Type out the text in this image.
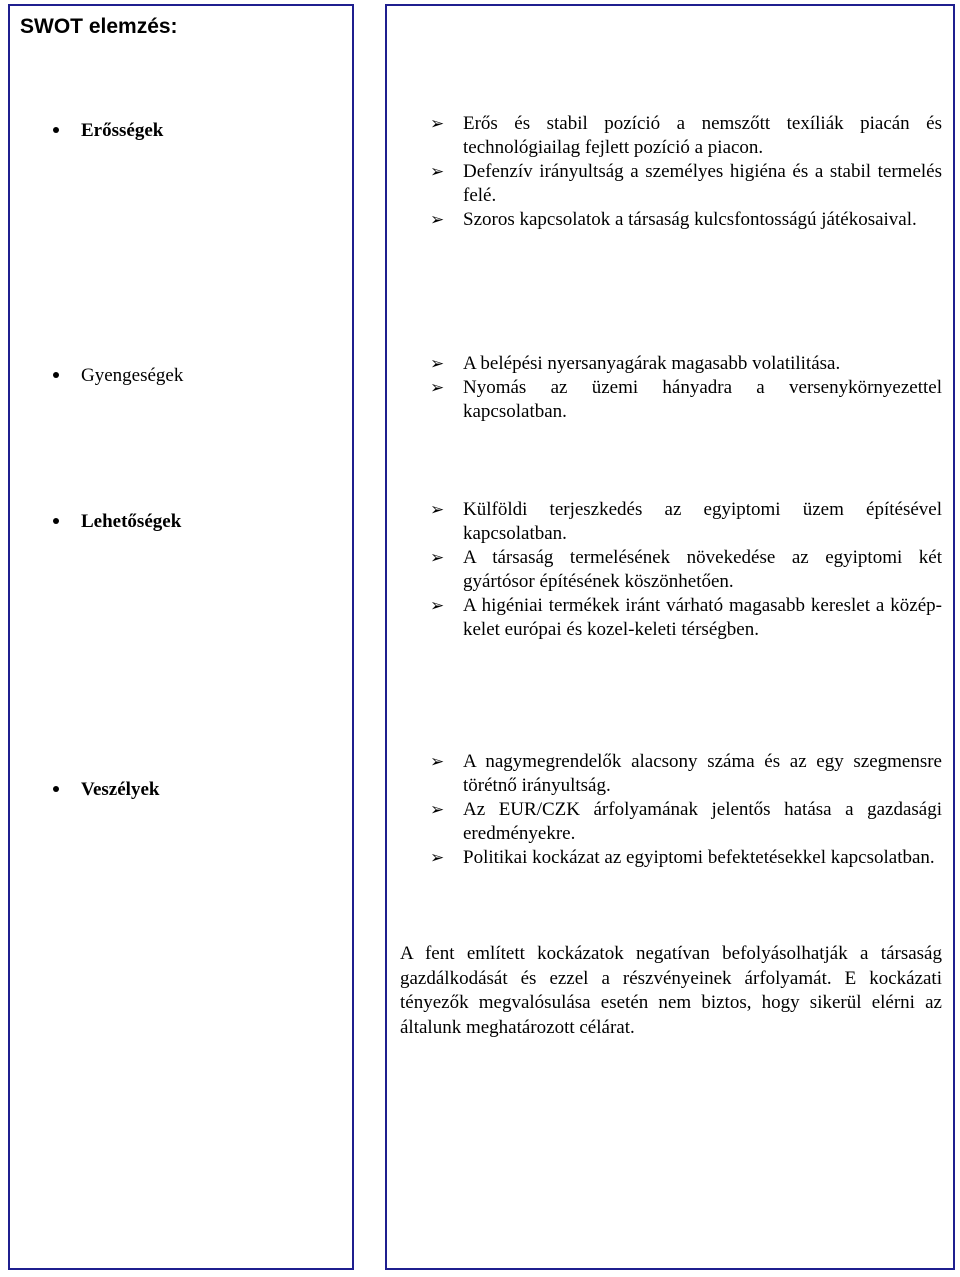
SWOT elemzés:
Erősségek	➢ Erős és stabil pozíció a nemszőtt texíliák piacán és technológiailag fejlett pozíció a piacon.
➢ Defenzív irányultság a személyes higiéna és a stabil termelés felé.
➢ Szoros kapcsolatok a társaság kulcsfontosságú játékosaival.
Gyengeségek
➢ A belépési nyersanyagárak magasabb volatilitása.
➢ Nyomás az üzemi hányadra a versenykörnyezettel kapcsolatban.
Lehetőségek
➢ Külföldi terjeszkedés az egyiptomi üzem építésével kapcsolatban.
➢ A társaság termelésének növekedése az egyiptomi két gyártósor építésének köszönhetően.
➢ A higéniai termékek iránt várható magasabb kereslet a közép-kelet európai és kozel-keleti térségben.
Veszélyek
➢ A nagymegrendelők alacsony száma és az egy szegmensre törétnő irányultság.
➢ Az EUR/CZK árfolyamának jelentős hatása a gazdasági eredményekre.
➢ Politikai kockázat az egyiptomi befektetésekkel kapcsolatban.

A fent említett kockázatok negatívan befolyásolhatják a társaság gazdálkodását és ezzel a részvényeinek árfolyamát. E kockázati tényezők megvalósulása esetén nem biztos, hogy sikerül elérni az általunk meghatározott célárat.
